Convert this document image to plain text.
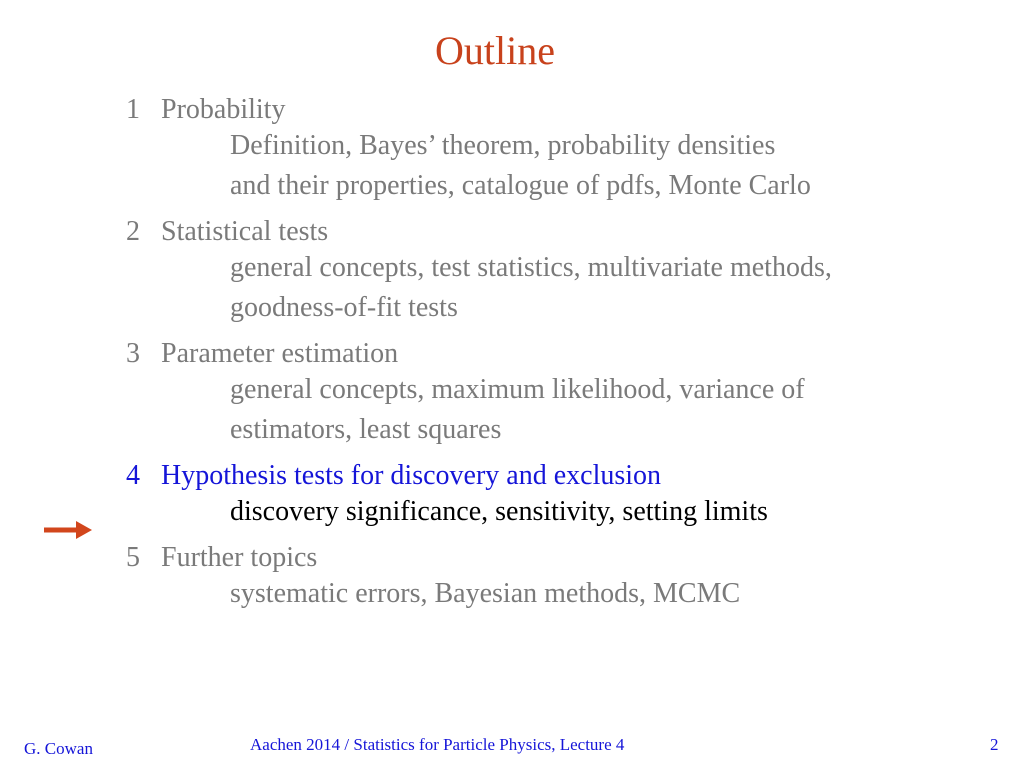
Outline
1 Probability
Definition, Bayes’ theorem, probability densities
and their properties, catalogue of pdfs, Monte Carlo
2 Statistical tests
general concepts, test statistics, multivariate methods,
goodness-of-fit tests
3 Parameter estimation
general concepts, maximum likelihood, variance of
estimators, least squares
4 Hypothesis tests for discovery and exclusion
discovery significance, sensitivity, setting limits
5 Further topics
systematic errors, Bayesian methods, MCMC
G. Cowan	Aachen 2014 / Statistics for Particle Physics, Lecture 4	2
